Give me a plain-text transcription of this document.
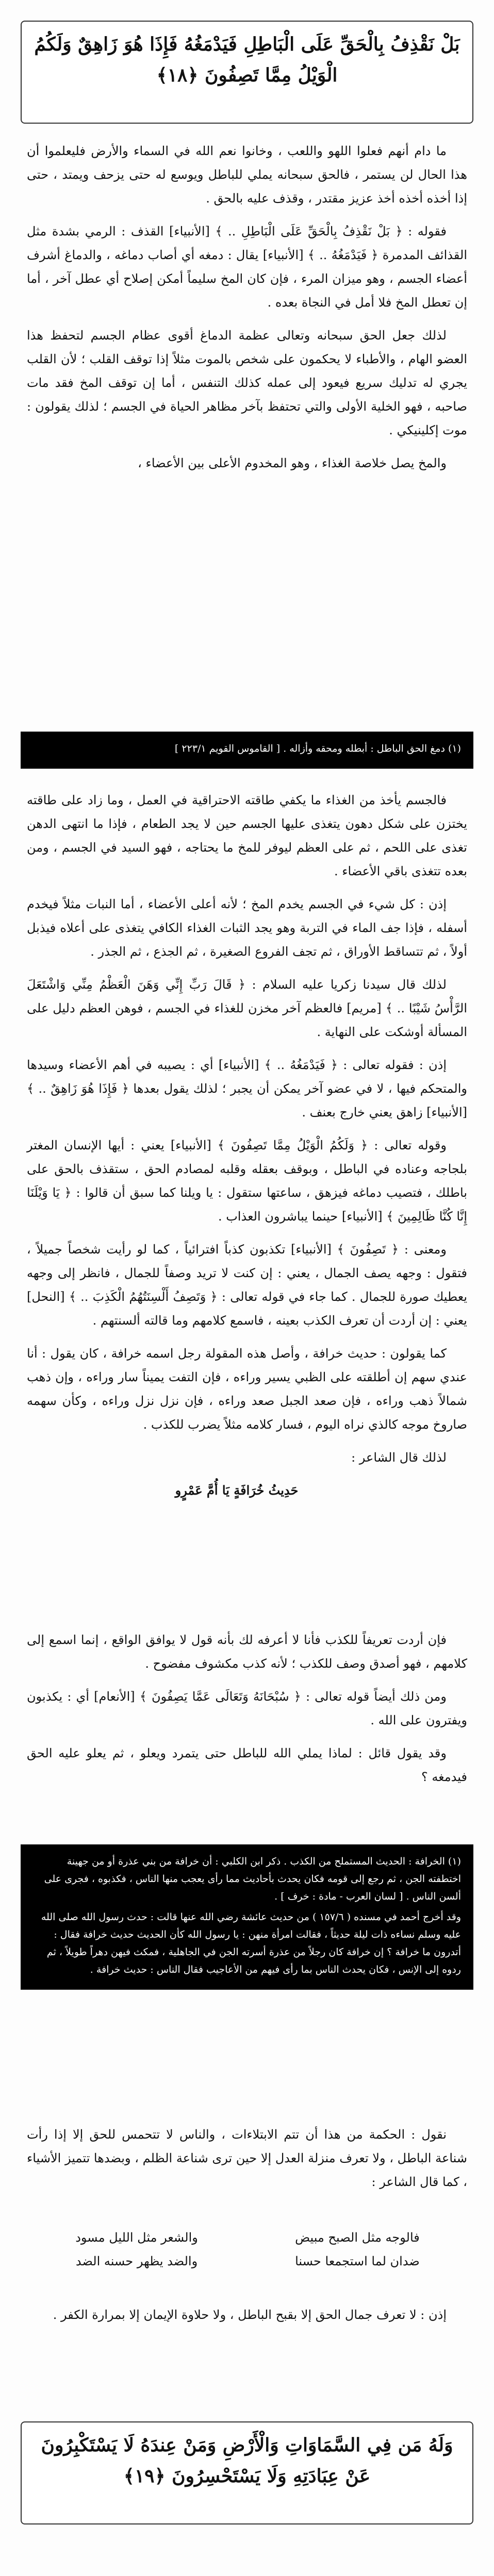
بَلْ نَقْذِفُ بِالْحَقِّ عَلَى الْبَاطِلِ فَيَدْمَغُهُ فَإِذَا هُوَ زَاهِقٌ وَلَكُمُ الْوَيْلُ مِمَّا تَصِفُونَ ﴿١٨﴾

ما دام أنهم فعلوا اللهو واللعب ، وخانوا نعم الله في السماء والأرض فليعلموا أن هذا الحال لن يستمر ، فالحق سبحانه يملي للباطل ويوسع له حتى يزحف ويمتد ، حتى إذا أخذه أخذه أخذ عزيز مقتدر ، وقذف عليه بالحق .

فقوله : ﴿ بَلْ نَقْذِفُ بِالْحَقِّ عَلَى الْبَاطِلِ .. ﴾ [الأنبياء] القذف : الرمي بشدة مثل القذائف المدمرة ﴿ فَيَدْمَغُهُ .. ﴾ [الأنبياء] يقال : دمغه أي أصاب دماغه ، والدماغ أشرف أعضاء الجسم ، وهو ميزان المرء ، فإن كان المخ سليماً أمكن إصلاح أي عطل آخر ، أما إن تعطل المخ فلا أمل في النجاة بعده .

لذلك جعل الحق سبحانه وتعالى عظمة الدماغ أقوى عظام الجسم لتحفظ هذا العضو الهام ، والأطباء لا يحكمون على شخص بالموت مثلاً إذا توقف القلب ؛ لأن القلب يجري له تدليك سريع فيعود إلى عمله كذلك التنفس ، أما إن توقف المخ فقد مات صاحبه ، فهو الخلية الأولى والتي تحتفظ بآخر مظاهر الحياة في الجسم ؛ لذلك يقولون : موت إكلينيكي .

والمخ يصل خلاصة الغذاء ، وهو المخدوم الأعلى بين الأعضاء ،

(١) دمغ الحق الباطل : أبطله ومحقه وأزاله . [ القاموس القويم ٢٢٣/١ ]

فالجسم يأخذ من الغذاء ما يكفي طاقته الاحتراقية في العمل ، وما زاد على طاقته يختزن على شكل دهون يتغذى عليها الجسم حين لا يجد الطعام ، فإذا ما انتهى الدهن تغذى على اللحم ، ثم على العظم ليوفر للمخ ما يحتاجه ، فهو السيد في الجسم ، ومن بعده تتغذى باقي الأعضاء .

إذن : كل شيء في الجسم يخدم المخ ؛ لأنه أعلى الأعضاء ، أما النبات مثلاً فيخدم أسفله ، فإذا جف الماء في التربة وهو يجد الثبات الغذاء الكافي يتغذى على أعلاه فيذبل أولاً ، ثم تتساقط الأوراق ، ثم تجف الفروع الصغيرة ، ثم الجذع ، ثم الجذر .

لذلك قال سيدنا زكريا عليه السلام : ﴿ قَالَ رَبِّ إِنِّي وَهَنَ الْعَظْمُ مِنِّي وَاشْتَعَلَ الرَّأْسُ شَيْبًا .. ﴾ [مريم] فالعظم آخر مخزن للغذاء في الجسم ، فوهن العظم دليل على المسألة أوشكت على النهاية .

إذن : فقوله تعالى : ﴿ فَيَدْمَغُهُ .. ﴾ [الأنبياء] أي : يصيبه في أهم الأعضاء وسيدها والمتحكم فيها ، لا في عضو آخر يمكن أن يجبر ؛ لذلك يقول بعدها ﴿ فَإِذَا هُوَ زَاهِقٌ .. ﴾ [الأنبياء] زاهق يعني خارج بعنف .

وقوله تعالى : ﴿ وَلَكُمُ الْوَيْلُ مِمَّا تَصِفُونَ ﴾ [الأنبياء] يعني : أيها الإنسان المغتر بلجاجه وعناده في الباطل ، وبوقف بعقله وقلبه لمصادم الحق ، ستقذف بالحق على باطلك ، فتصيب دماغه فيزهق ، ساعتها ستقول : يا ويلنا كما سبق أن قالوا : ﴿ يَا وَيْلَنَا إِنَّا كُنَّا ظَالِمِينَ ﴾ [الأنبياء] حينما يباشرون العذاب .

ومعنى : ﴿ تَصِفُونَ ﴾ [الأنبياء] تكذبون كذباً افترائياً ، كما لو رأيت شخصاً جميلاً ، فتقول : وجهه يصف الجمال ، يعني : إن كنت لا تريد وصفاً للجمال ، فانظر إلى وجهه يعطيك صورة للجمال . كما جاء في قوله تعالى : ﴿ وَتَصِفُ أَلْسِنَتُهُمُ الْكَذِبَ .. ﴾ [النحل] يعني : إن أردت أن تعرف الكذب بعينه ، فاسمع كلامهم وما قالته ألسنتهم .

كما يقولون : حديث خرافة ، وأصل هذه المقولة رجل اسمه خرافة ، كان يقول : أنا عندي سهم إن أطلقته على الظبي يسير وراءه ، فإن التفت يميناً سار وراءه ، وإن ذهب شمالاً ذهب وراءه ، فإن صعد الجبل صعد وراءه ، فإن نزل نزل وراءه ، وكأن سهمه صاروخ موجه كالذي نراه اليوم ، فسار كلامه مثلاً يضرب للكذب .

لذلك قال الشاعر :

حَدِيثُ خُرَافَةٍ يَا أُمَّ عَمْرٍو

فإن أردت تعريفاً للكذب فأنا لا أعرفه لك بأنه قول لا يوافق الواقع ، إنما اسمع إلى كلامهم ، فهو أصدق وصف للكذب ؛ لأنه كذب مكشوف مفضوح .

ومن ذلك أيضاً قوله تعالى : ﴿ سُبْحَانَهُ وَتَعَالَى عَمَّا يَصِفُونَ ﴾ [الأنعام] أي : يكذبون ويفترون على الله .

وقد يقول قائل : لماذا يملي الله للباطل حتى يتمرد ويعلو ، ثم يعلو عليه الحق فيدمغه ؟

(١) الخرافة : الحديث المستملح من الكذب . ذكر ابن الكلبي : أن خرافة من بني عذرة أو من جهينة اختطفته الجن ، ثم رجع إلى قومه فكان يحدث بأحاديث مما رأى يعجب منها الناس ، فكذبوه ، فجرى على ألسن الناس . [ لسان العرب - مادة : خرف ] .

وقد أخرج أحمد في مسنده ( ١٥٧/٦ ) من حديث عائشة رضي الله عنها قالت : حدث رسول الله صلى الله عليه وسلم نساءه ذات ليلة حديثاً ، فقالت امرأة منهن : يا رسول الله كأن الحديث حديث خرافة فقال : أتدرون ما خرافة ؟ إن خرافة كان رجلاً من عذرة أسرته الجن في الجاهلية ، فمكث فيهن دهراً طويلاً ، ثم ردوه إلى الإنس ، فكان يحدث الناس بما رأى فيهم من الأعاجيب فقال الناس : حديث خرافة .

نقول : الحكمة من هذا أن تتم الابتلاءات ، والناس لا تتحمس للحق إلا إذا رأت شناعة الباطل ، ولا تعرف منزلة العدل إلا حين ترى شناعة الظلم ، وبضدها تتميز الأشياء ، كما قال الشاعر :

فالوجه مثل الصبح مبيض
والشعر مثل الليل مسود
ضدان لما استجمعا حسنا
والضد يظهر حسنه الضد

إذن : لا تعرف جمال الحق إلا بقبح الباطل ، ولا حلاوة الإيمان إلا بمرارة الكفر .

وَلَهُ مَن فِي السَّمَاوَاتِ وَالْأَرْضِ وَمَنْ عِندَهُ لَا يَسْتَكْبِرُونَ عَنْ عِبَادَتِهِ وَلَا يَسْتَحْسِرُونَ ﴿١٩﴾
